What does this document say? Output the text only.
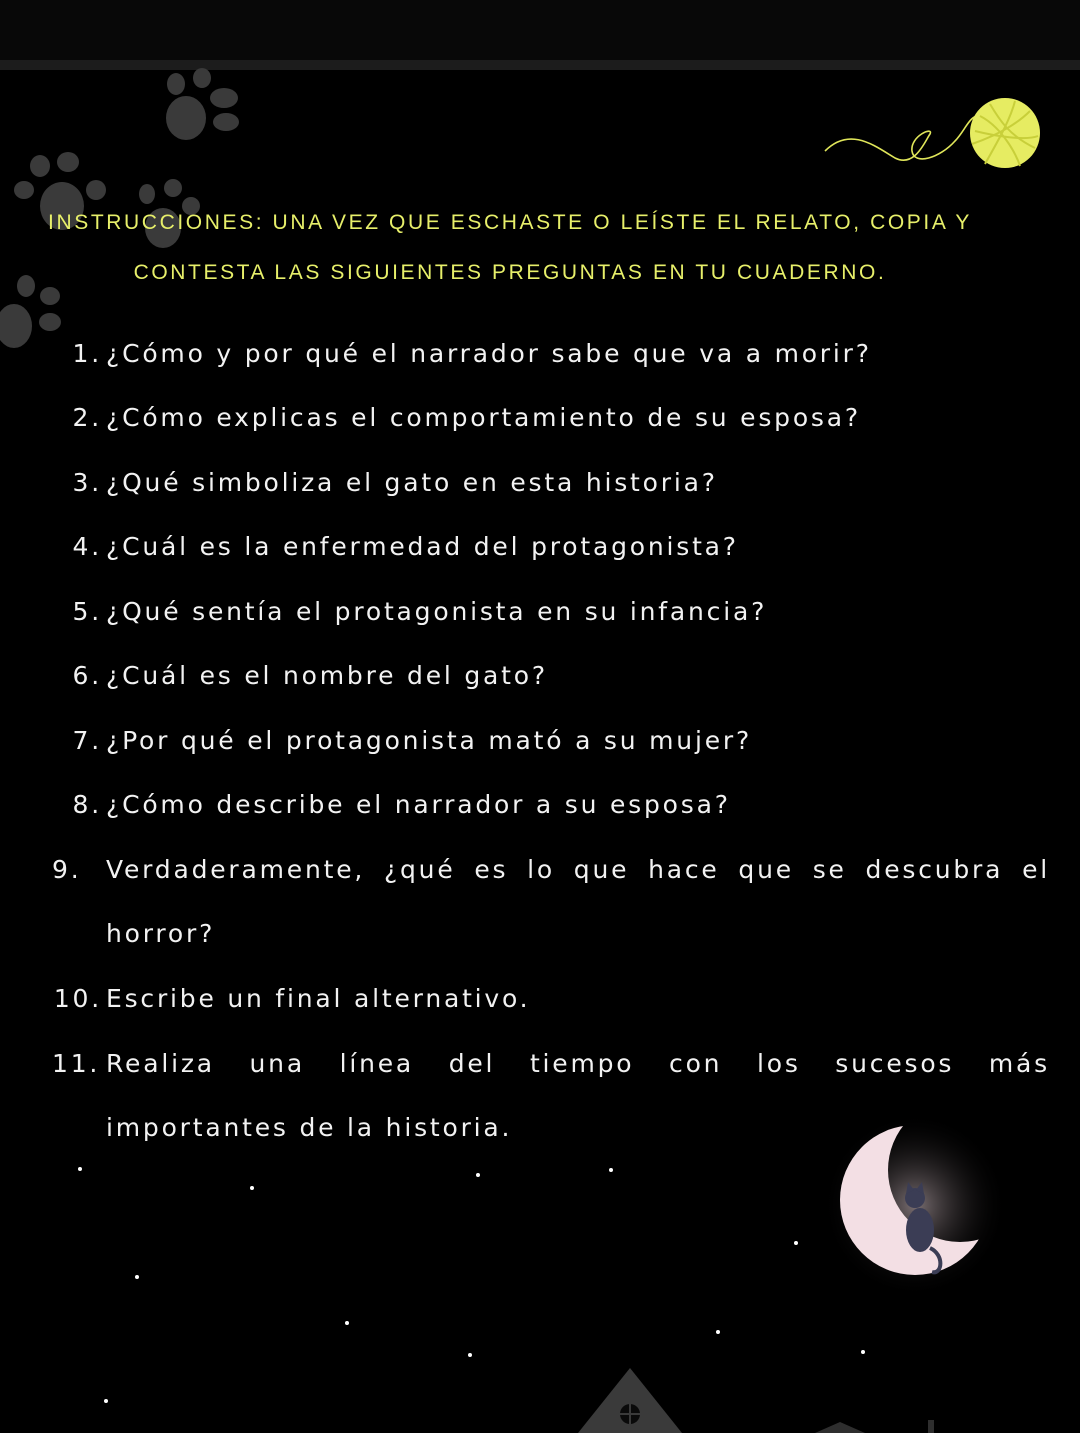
INSTRUCCIONES: UNA VEZ QUE ESCHASTE O LEÍSTE EL RELATO, COPIA Y
CONTESTA LAS SIGUIENTES PREGUNTAS EN TU CUADERNO.
1. ¿Cómo y por qué el narrador sabe que va a morir?
2. ¿Cómo explicas el comportamiento de su esposa?
3. ¿Qué simboliza el gato en esta historia?
4. ¿Cuál es la enfermedad del protagonista?
5. ¿Qué sentía el protagonista en su infancia?
6. ¿Cuál es el nombre del gato?
7. ¿Por qué el protagonista mató a su mujer?
8. ¿Cómo describe el narrador a su esposa?
9. Verdaderamente, ¿qué es lo que hace que se descubra el horror?
10. Escribe un final alternativo.
11. Realiza una línea del tiempo con los sucesos más importantes de la historia.
